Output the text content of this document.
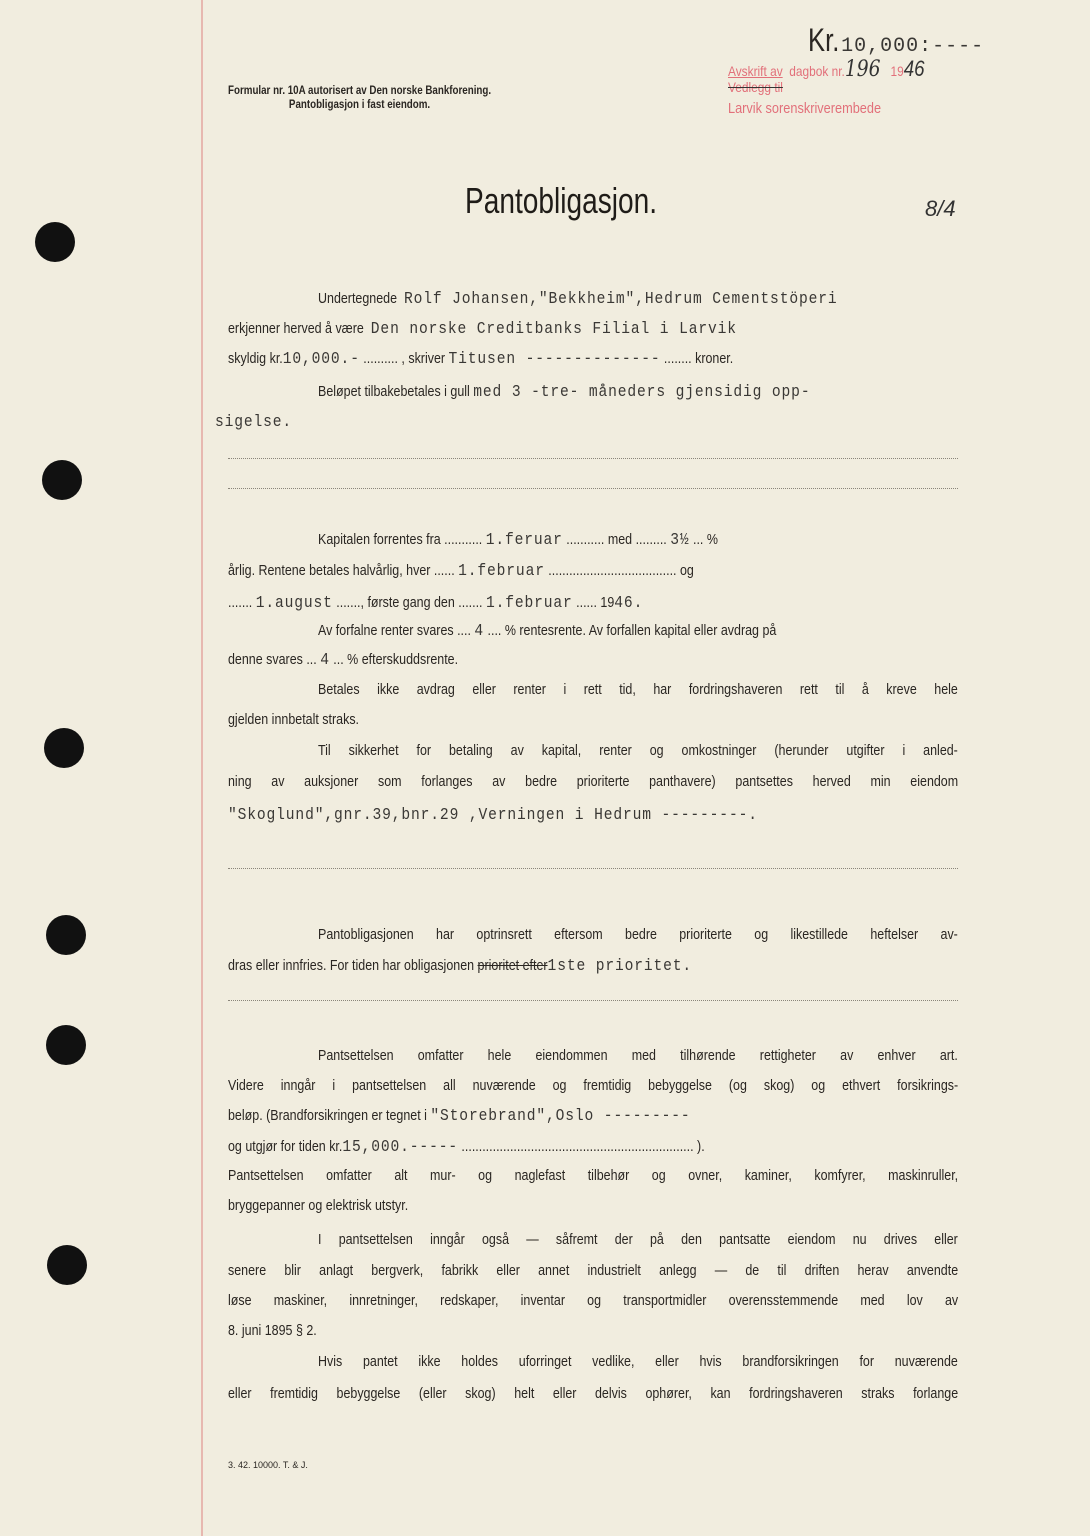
Formular nr. 10A autorisert av Den norske Bankforening.
Pantobligasjon i fast eiendom.
Kr.10,000:----
Avskrift av dagbok nr.196 1946
Vedlegg til
Larvik sorenskriverembede
8/4
Pantobligasjon.
Undertegnede Rolf Johansen,"Bekkheim",Hedrum Cementstöperi
erkjenner herved å være Den norske Creditbanks Filial i Larvik
skyldig kr.10,000.- .......... , skriver Titusen -------------- ........ kroner.
Beløpet tilbakebetales i gull med 3 -tre- måneders gjensidig opp-
sigelse.
Kapitalen forrentes fra ........... 1.feruar ........... med ......... 3½ ... %
årlig. Rentene betales halvårlig, hver ...... 1.februar ..................................... og
....... 1.august ......., første gang den ....... 1.februar ...... 1946.
Av forfalne renter svares .... 4 .... % rentesrente. Av forfallen kapital eller avdrag på
denne svares ... 4 ... % efterskuddsrente.
Betales ikke avdrag eller renter i rett tid, har fordringshaveren rett til å kreve hele
gjelden innbetalt straks.
Til sikkerhet for betaling av kapital, renter og omkostninger (herunder utgifter i anled-
ning av auksjoner som forlanges av bedre prioriterte panthavere) pantsettes herved min eiendom
"Skoglund",gnr.39,bnr.29 ,Verningen i Hedrum ---------.
Pantobligasjonen har optrinsrett eftersom bedre prioriterte og likestillede heftelser av-
dras eller innfries. For tiden har obligasjonen prioritet efter1ste prioritet.
Pantsettelsen omfatter hele eiendommen med tilhørende rettigheter av enhver art.
Videre inngår i pantsettelsen all nuværende og fremtidig bebyggelse (og skog) og ethvert forsikrings-
beløp. (Brandforsikringen er tegnet i "Storebrand",Oslo ---------
og utgjør for tiden kr.15,000.----- ................................................................... ).
Pantsettelsen omfatter alt mur- og naglefast tilbehør og ovner, kaminer, komfyrer, maskinruller,
bryggepanner og elektrisk utstyr.
I pantsettelsen inngår også — såfremt der på den pantsatte eiendom nu drives eller
senere blir anlagt bergverk, fabrikk eller annet industrielt anlegg — de til driften herav anvendte
løse maskiner, innretninger, redskaper, inventar og transportmidler overensstemmende med lov av
8. juni 1895 § 2.
Hvis pantet ikke holdes uforringet vedlike, eller hvis brandforsikringen for nuværende
eller fremtidig bebyggelse (eller skog) helt eller delvis ophører, kan fordringshaveren straks forlange
3. 42. 10000. T. & J.
